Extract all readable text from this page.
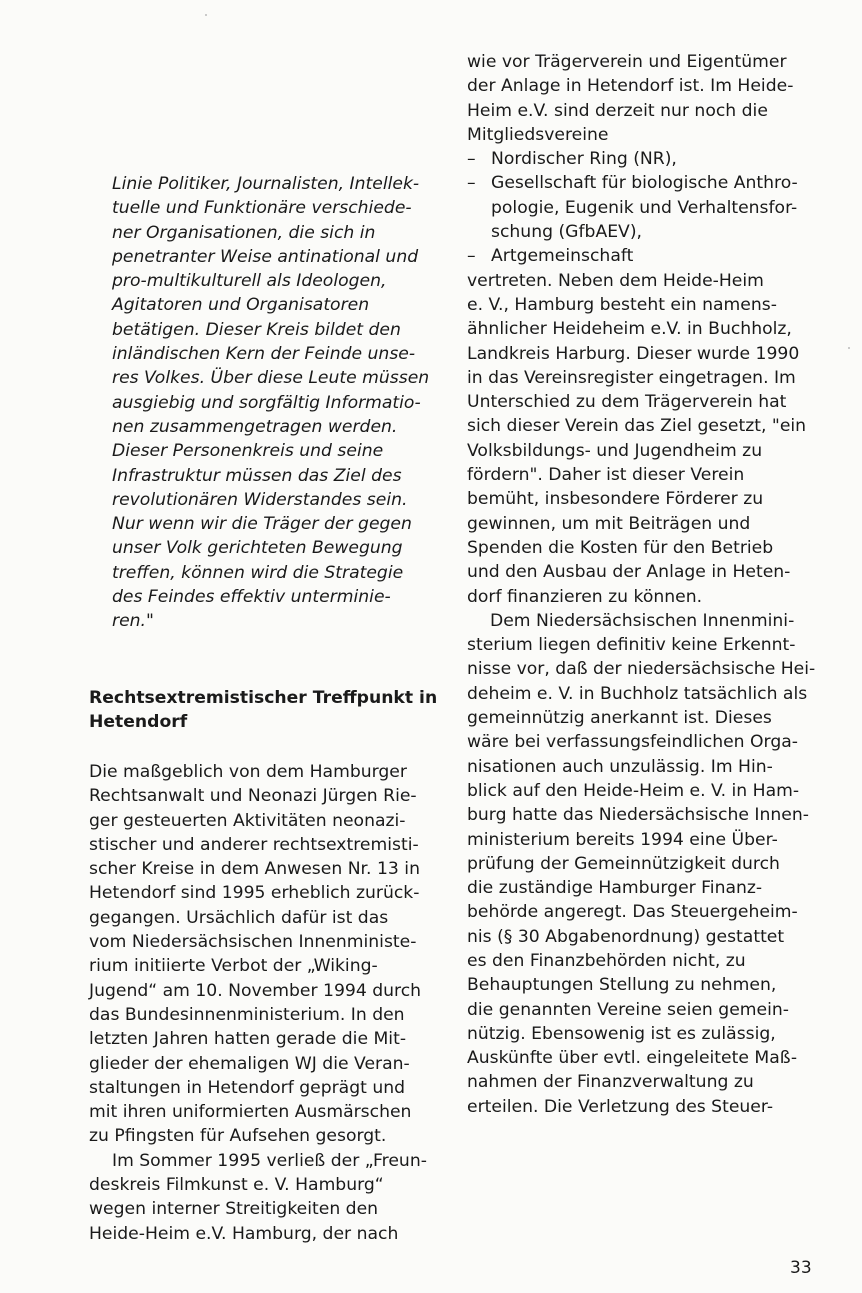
Linie Politiker, Journalisten, Intellek-
tuelle und Funktionäre verschiede-
ner Organisationen, die sich in
penetranter Weise antinational und
pro-multikulturell als Ideologen,
Agitatoren und Organisatoren
betätigen. Dieser Kreis bildet den
inländischen Kern der Feinde unse-
res Volkes. Über diese Leute müssen
ausgiebig und sorgfältig Informatio-
nen zusammengetragen werden.
Dieser Personenkreis und seine
Infrastruktur müssen das Ziel des
revolutionären Widerstandes sein.
Nur wenn wir die Träger der gegen
unser Volk gerichteten Bewegung
treffen, können wird die Strategie
des Feindes effektiv unterminie-
ren."
Rechtsextremistischer Treffpunkt in
Hetendorf
Die maßgeblich von dem Hamburger
Rechtsanwalt und Neonazi Jürgen Rie-
ger gesteuerten Aktivitäten neonazi-
stischer und anderer rechtsextremisti-
scher Kreise in dem Anwesen Nr. 13 in
Hetendorf sind 1995 erheblich zurück-
gegangen. Ursächlich dafür ist das
vom Niedersächsischen Innenministe-
rium initiierte Verbot der „Wiking-
Jugend“ am 10. November 1994 durch
das Bundesinnenministerium. In den
letzten Jahren hatten gerade die Mit-
glieder der ehemaligen WJ die Veran-
staltungen in Hetendorf geprägt und
mit ihren uniformierten Ausmärschen
zu Pfingsten für Aufsehen gesorgt.
Im Sommer 1995 verließ der „Freun-
deskreis Filmkunst e. V. Hamburg“
wegen interner Streitigkeiten den
Heide-Heim e.V. Hamburg, der nach
wie vor Trägerverein und Eigentümer
der Anlage in Hetendorf ist. Im Heide-
Heim e.V. sind derzeit nur noch die
Mitgliedsvereine
– Nordischer Ring (NR),
– Gesellschaft für biologische Anthro-
pologie, Eugenik und Verhaltensfor-
schung (GfbAEV),
– Artgemeinschaft
vertreten. Neben dem Heide-Heim
e. V., Hamburg besteht ein namens-
ähnlicher Heideheim e.V. in Buchholz,
Landkreis Harburg. Dieser wurde 1990
in das Vereinsregister eingetragen. Im
Unterschied zu dem Trägerverein hat
sich dieser Verein das Ziel gesetzt, "ein
Volksbildungs- und Jugendheim zu
fördern". Daher ist dieser Verein
bemüht, insbesondere Förderer zu
gewinnen, um mit Beiträgen und
Spenden die Kosten für den Betrieb
und den Ausbau der Anlage in Heten-
dorf finanzieren zu können.
Dem Niedersächsischen Innenmini-
sterium liegen definitiv keine Erkennt-
nisse vor, daß der niedersächsische Hei-
deheim e. V. in Buchholz tatsächlich als
gemeinnützig anerkannt ist. Dieses
wäre bei verfassungsfeindlichen Orga-
nisationen auch unzulässig. Im Hin-
blick auf den Heide-Heim e. V. in Ham-
burg hatte das Niedersächsische Innen-
ministerium bereits 1994 eine Über-
prüfung der Gemeinnützigkeit durch
die zuständige Hamburger Finanz-
behörde angeregt. Das Steuergeheim-
nis (§ 30 Abgabenordnung) gestattet
es den Finanzbehörden nicht, zu
Behauptungen Stellung zu nehmen,
die genannten Vereine seien gemein-
nützig. Ebensowenig ist es zulässig,
Auskünfte über evtl. eingeleitete Maß-
nahmen der Finanzverwaltung zu
erteilen. Die Verletzung des Steuer-
33
